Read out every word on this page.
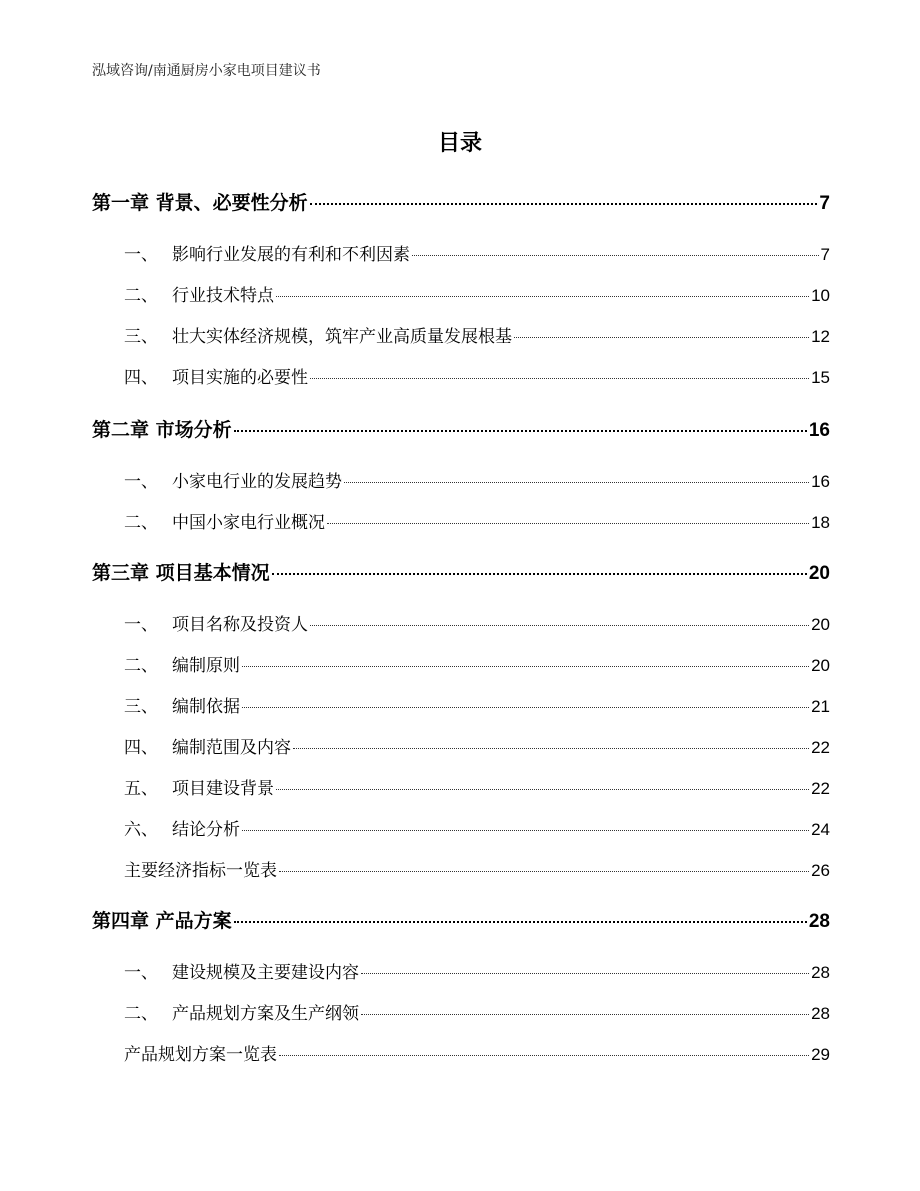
泓域咨询/南通厨房小家电项目建议书
目录
第一章 背景、必要性分析	7
一、 影响行业发展的有利和不利因素	7
二、 行业技术特点	10
三、 壮大实体经济规模，筑牢产业高质量发展根基	12
四、 项目实施的必要性	15
第二章 市场分析	16
一、 小家电行业的发展趋势	16
二、 中国小家电行业概况	18
第三章 项目基本情况	20
一、 项目名称及投资人	20
二、 编制原则	20
三、 编制依据	21
四、 编制范围及内容	22
五、 项目建设背景	22
六、 结论分析	24
主要经济指标一览表	26
第四章 产品方案	28
一、 建设规模及主要建设内容	28
二、 产品规划方案及生产纲领	28
产品规划方案一览表	29
